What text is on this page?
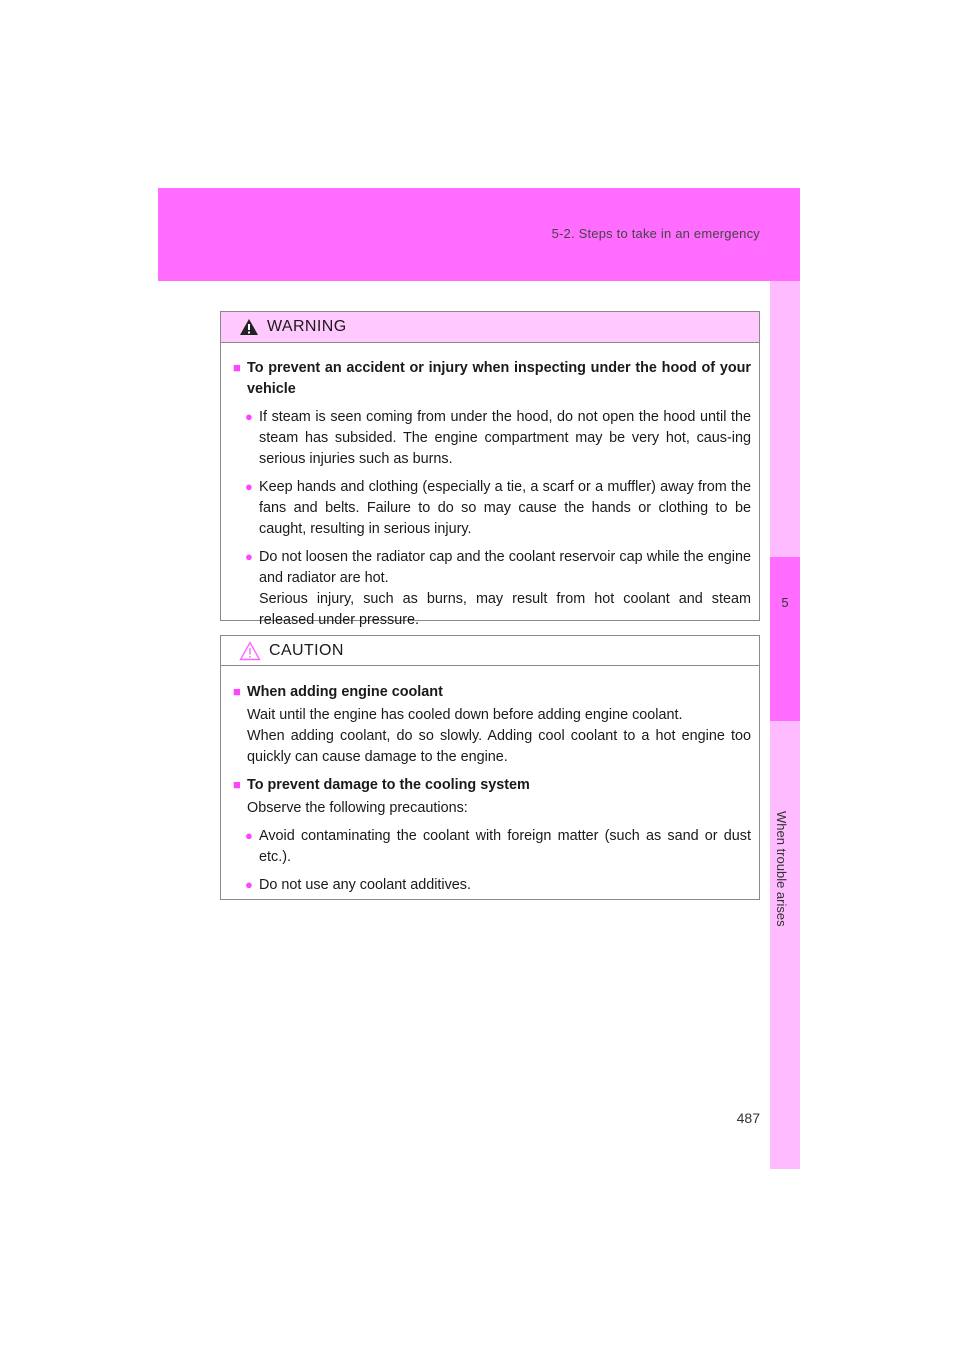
5-2. Steps to take in an emergency
5
When trouble arises
WARNING
■ To prevent an accident or injury when inspecting under the hood of your vehicle
● If steam is seen coming from under the hood, do not open the hood until the steam has subsided. The engine compartment may be very hot, caus-ing serious injuries such as burns.
● Keep hands and clothing (especially a tie, a scarf or a muffler) away from the fans and belts. Failure to do so may cause the hands or clothing to be caught, resulting in serious injury.
● Do not loosen the radiator cap and the coolant reservoir cap while the engine and radiator are hot.
Serious injury, such as burns, may result from hot coolant and steam released under pressure.
CAUTION
■ When adding engine coolant
Wait until the engine has cooled down before adding engine coolant.
When adding coolant, do so slowly. Adding cool coolant to a hot engine too quickly can cause damage to the engine.
■ To prevent damage to the cooling system
Observe the following precautions:
● Avoid contaminating the coolant with foreign matter (such as sand or dust etc.).
● Do not use any coolant additives.
487
